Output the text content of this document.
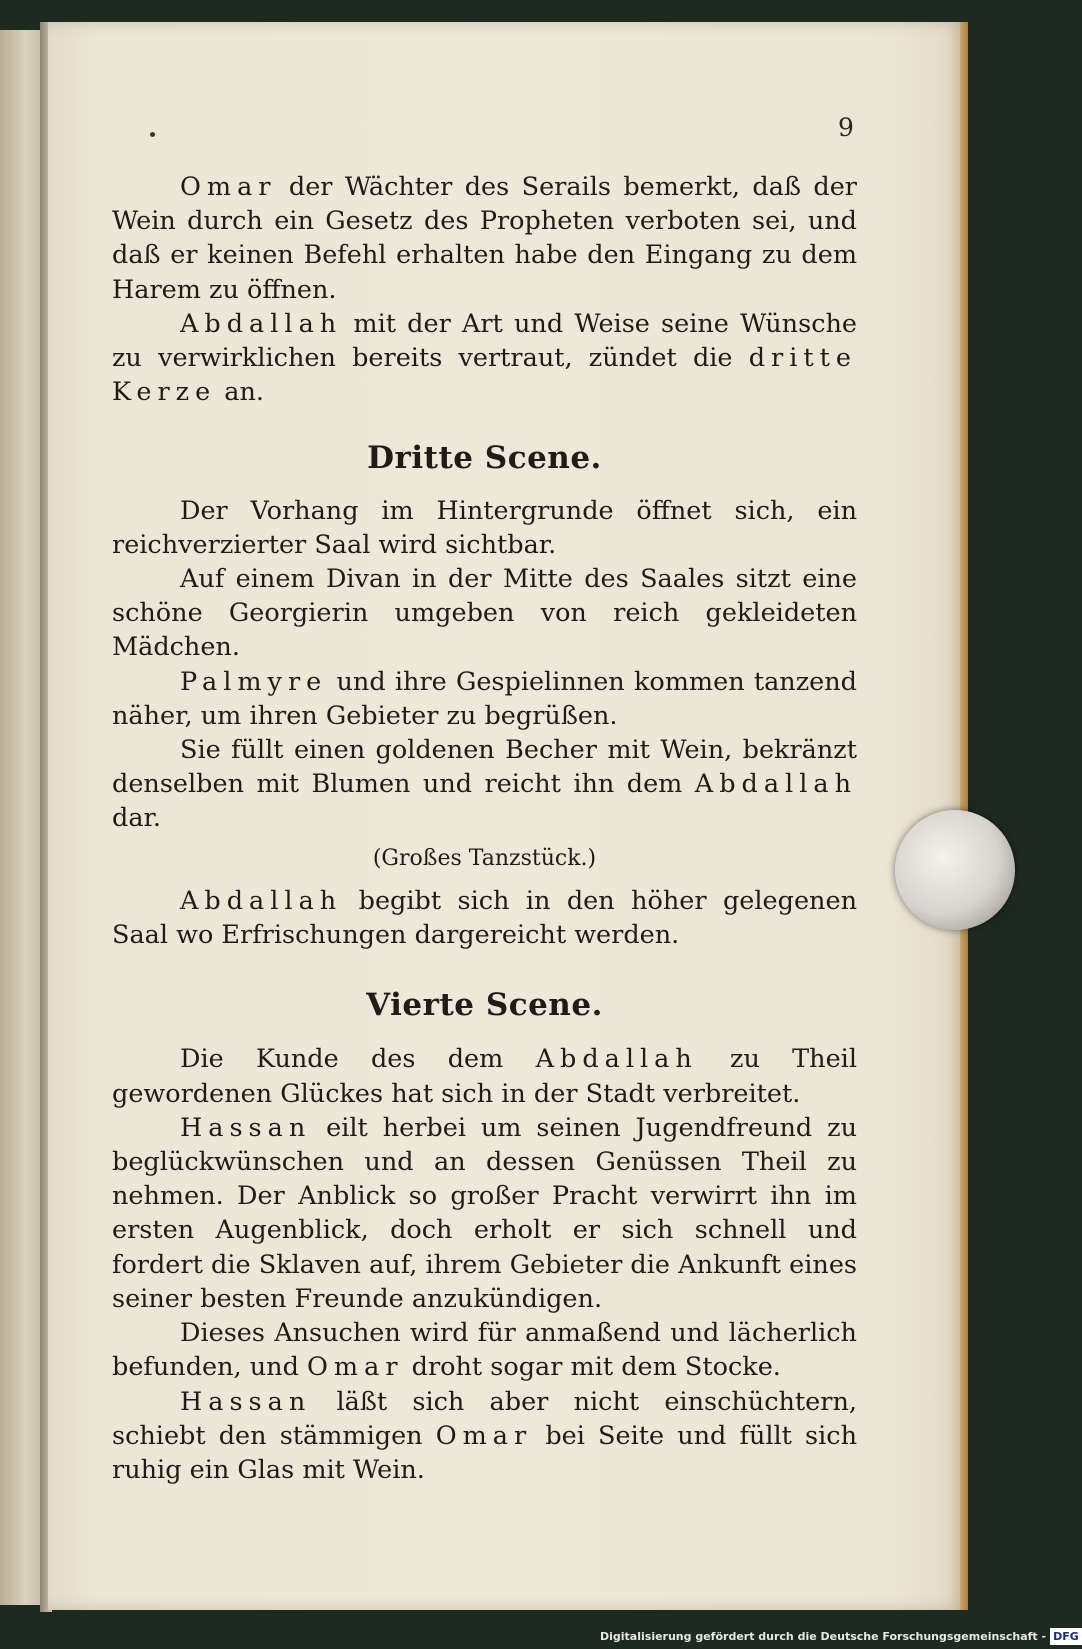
9

Omar der Wächter des Serails bemerkt, daß der Wein durch ein Gesetz des Propheten verboten sei, und daß er keinen Befehl erhalten habe den Eingang zu dem Harem zu öffnen.

Abdallah mit der Art und Weise seine Wünsche zu verwirklichen bereits vertraut, zündet die dritte Kerze an.

Dritte Scene.

Der Vorhang im Hintergrunde öffnet sich, ein reichverzierter Saal wird sichtbar.

Auf einem Divan in der Mitte des Saales sitzt eine schöne Georgierin umgeben von reich gekleideten Mädchen.

Palmyre und ihre Gespielinnen kommen tanzend näher, um ihren Gebieter zu begrüßen.

Sie füllt einen goldenen Becher mit Wein, bekränzt denselben mit Blumen und reicht ihn dem Abdallah dar.

(Großes Tanzstück.)

Abdallah begibt sich in den höher gelegenen Saal wo Erfrischungen dargereicht werden.

Vierte Scene.

Die Kunde des dem Abdallah zu Theil gewordenen Glückes hat sich in der Stadt verbreitet.

Hassan eilt herbei um seinen Jugendfreund zu beglückwünschen und an dessen Genüssen Theil zu nehmen. Der Anblick so großer Pracht verwirrt ihn im ersten Augenblick, doch erholt er sich schnell und fordert die Sklaven auf, ihrem Gebieter die Ankunft eines seiner besten Freunde anzukündigen.

Dieses Ansuchen wird für anmaßend und lächerlich befunden, und Omar droht sogar mit dem Stocke.

Hassan läßt sich aber nicht einschüchtern, schiebt den stämmigen Omar bei Seite und füllt sich ruhig ein Glas mit Wein.

Digitalisierung gefördert durch die Deutsche Forschungsgemeinschaft - DFG
